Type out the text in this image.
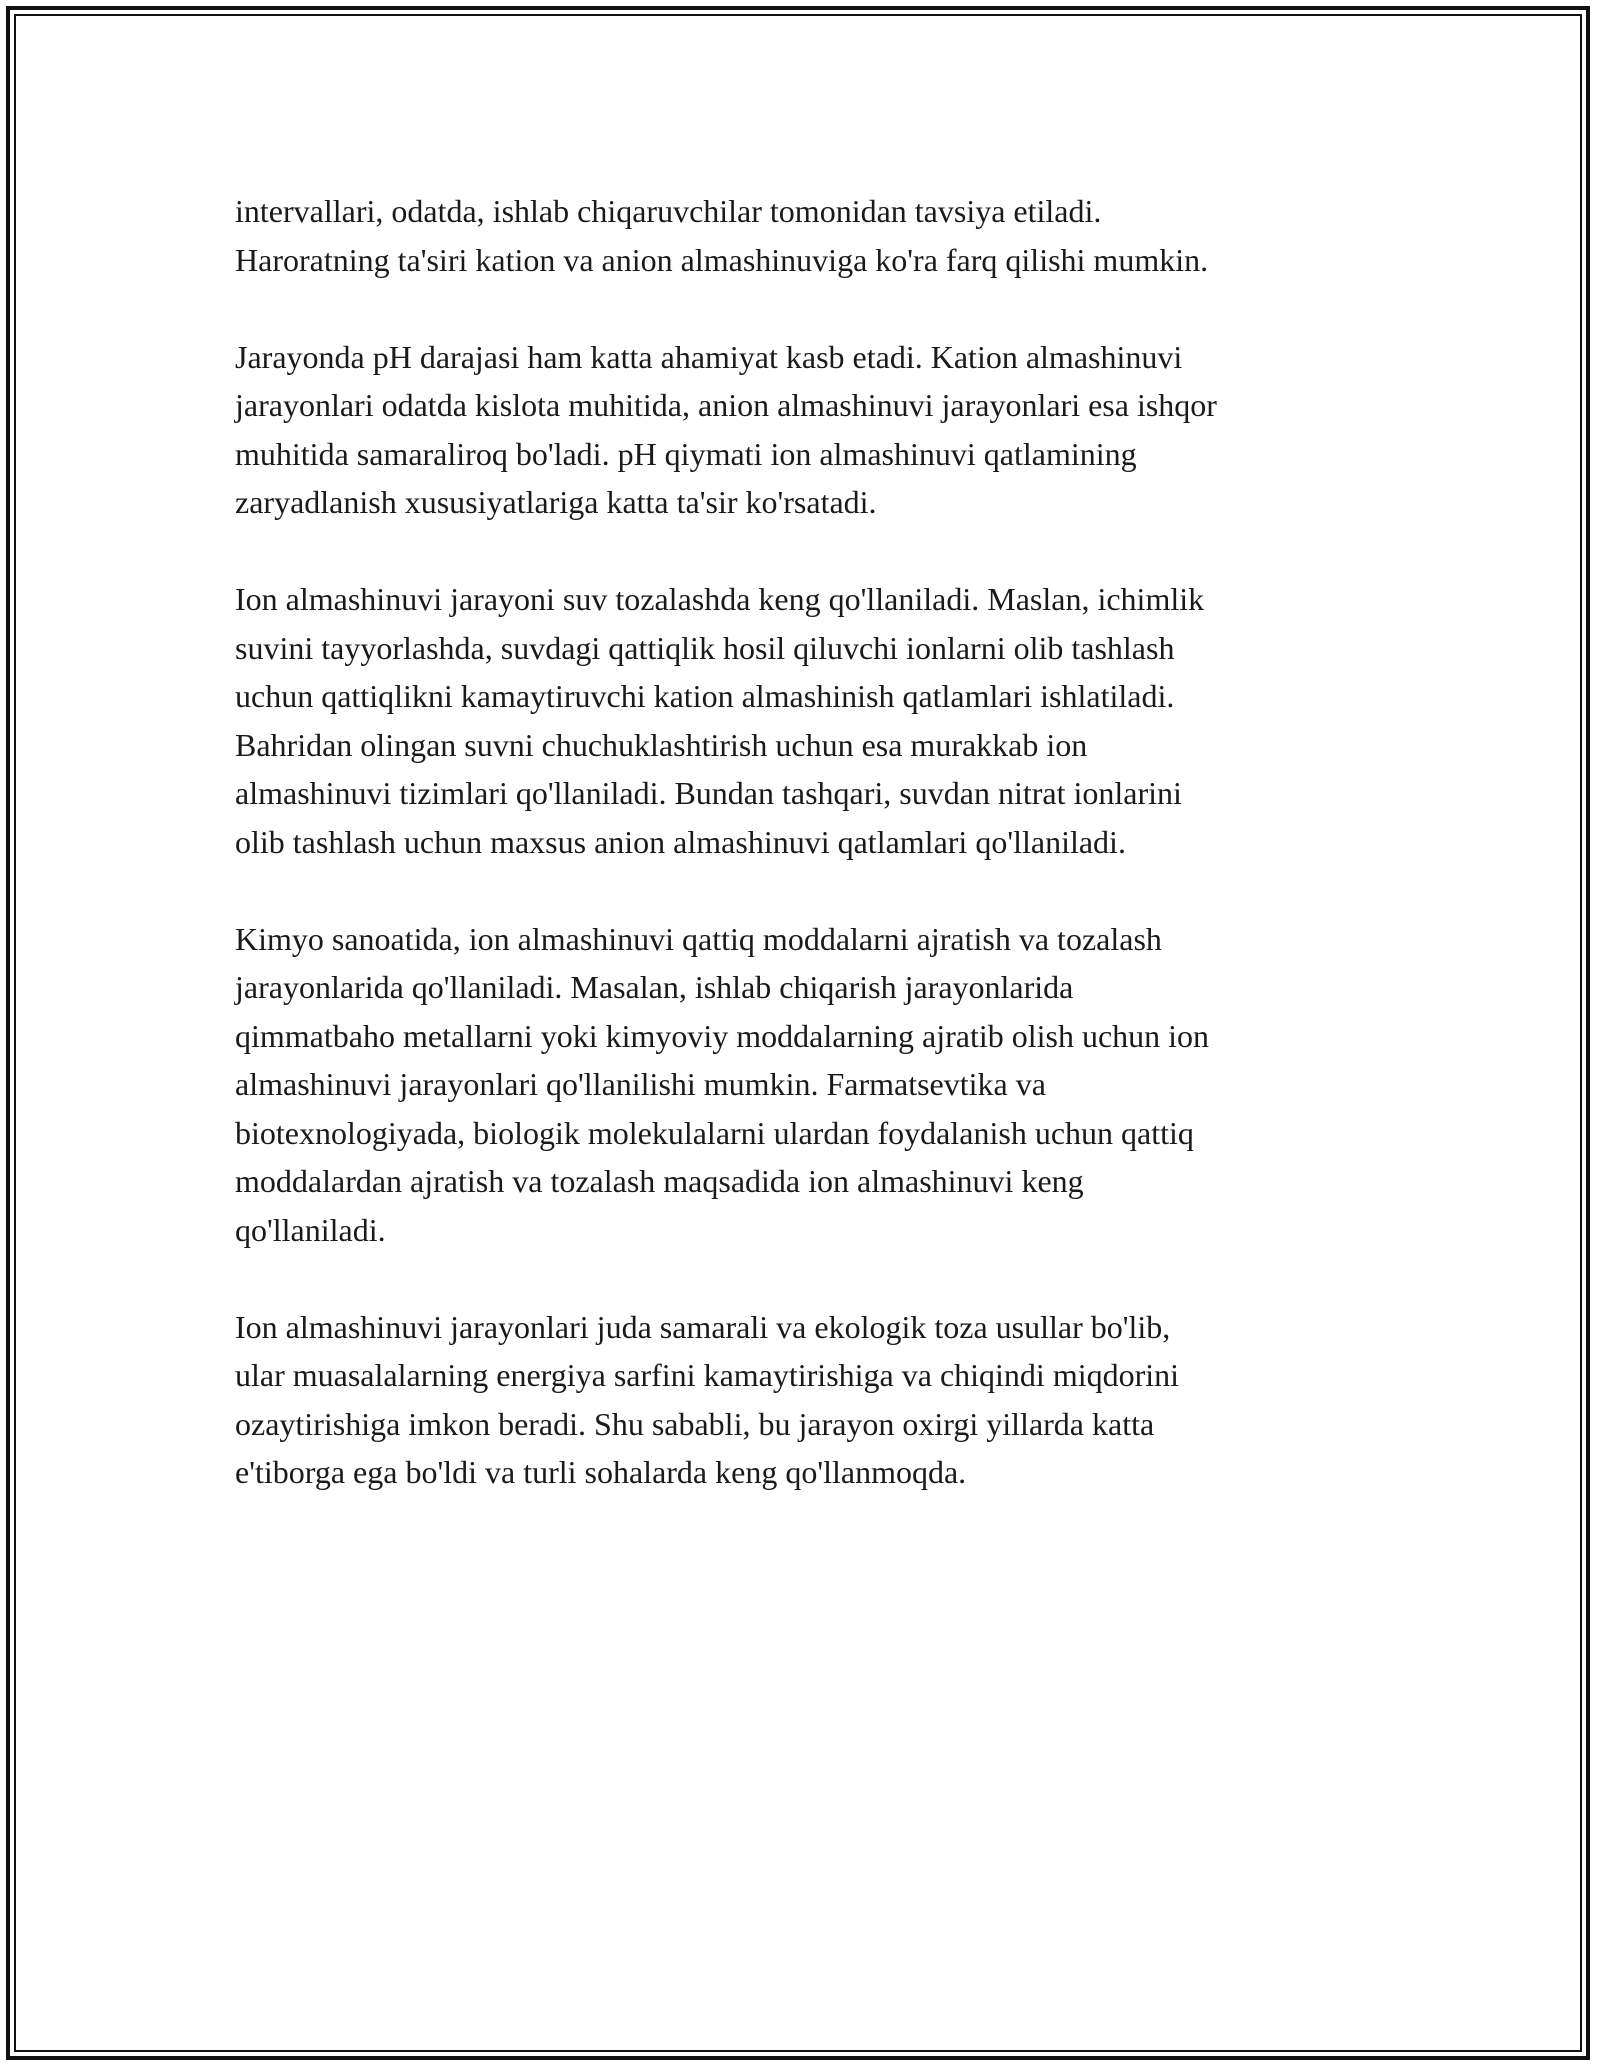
intervallari, odatda, ishlab chiqaruvchilar tomonidan tavsiya etiladi.
Haroratning ta'siri kation va anion almashinuviga ko'ra farq qilishi mumkin.

Jarayonda pH darajasi ham katta ahamiyat kasb etadi. Kation almashinuvi
jarayonlari odatda kislota muhitida, anion almashinuvi jarayonlari esa ishqor
muhitida samaraliroq bo'ladi. pH qiymati ion almashinuvi qatlamining
zaryadlanish xususiyatlariga katta ta'sir ko'rsatadi.

Ion almashinuvi jarayoni suv tozalashda keng qo'llaniladi. Maslan, ichimlik
suvini tayyorlashda, suvdagi qattiqlik hosil qiluvchi ionlarni olib tashlash
uchun qattiqlikni kamaytiruvchi kation almashinish qatlamlari ishlatiladi.
Bahridan olingan suvni chuchuklashtirish uchun esa murakkab ion
almashinuvi tizimlari qo'llaniladi. Bundan tashqari, suvdan nitrat ionlarini
olib tashlash uchun maxsus anion almashinuvi qatlamlari qo'llaniladi.

Kimyo sanoatida, ion almashinuvi qattiq moddalarni ajratish va tozalash
jarayonlarida qo'llaniladi. Masalan, ishlab chiqarish jarayonlarida
qimmatbaho metallarni yoki kimyoviy moddalarning ajratib olish uchun ion
almashinuvi jarayonlari qo'llanilishi mumkin. Farmatsevtika va
biotexnologiyada, biologik molekulalarni ulardan foydalanish uchun qattiq
moddalardan ajratish va tozalash maqsadida ion almashinuvi keng
qo'llaniladi.

Ion almashinuvi jarayonlari juda samarali va ekologik toza usullar bo'lib,
ular muasalalarning energiya sarfini kamaytirishiga va chiqindi miqdorini
ozaytirishiga imkon beradi. Shu sababli, bu jarayon oxirgi yillarda katta
e'tiborga ega bo'ldi va turli sohalarda keng qo'llanmoqda.
